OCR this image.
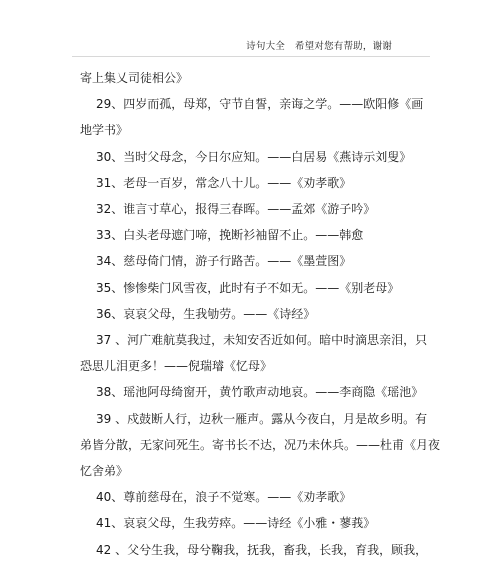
诗句大全 希望对您有帮助，谢谢
寄上集乂司徒相公》
29、四岁而孤，母郑，守节自誓，亲诲之学。——欧阳修《画
地学书》
30、当时父母念，今日尔应知。——白居易《燕诗示刘叟》
31、老母一百岁，常念八十儿。——《劝孝歌》
32、谁言寸草心，报得三春晖。——孟郊《游子吟》
33、白头老母遮门啼，挽断衫袖留不止。——韩愈
34、慈母倚门情，游子行路苦。——《墨萱图》
35、惨惨柴门风雪夜，此时有子不如无。——《别老母》
36、哀哀父母，生我劬劳。——《诗经》
37 、河广难航莫我过，未知安否近如何。暗中时滴思亲泪，只
恐思儿泪更多！——倪瑞璿《忆母》
38、瑶池阿母绮窗开，黄竹歌声动地哀。——李商隐《瑶池》
39 、戍鼓断人行，边秋一雁声。露从今夜白，月是故乡明。有
弟皆分散，无家问死生。寄书长不达，况乃未休兵。——杜甫《月夜
忆舍弟》
40、尊前慈母在，浪子不觉寒。——《劝孝歌》
41、哀哀父母，生我劳瘁。——诗经《小雅・蓼莪》
42 、父兮生我，母兮鞠我，抚我，畜我，长我，育我，顾我，
